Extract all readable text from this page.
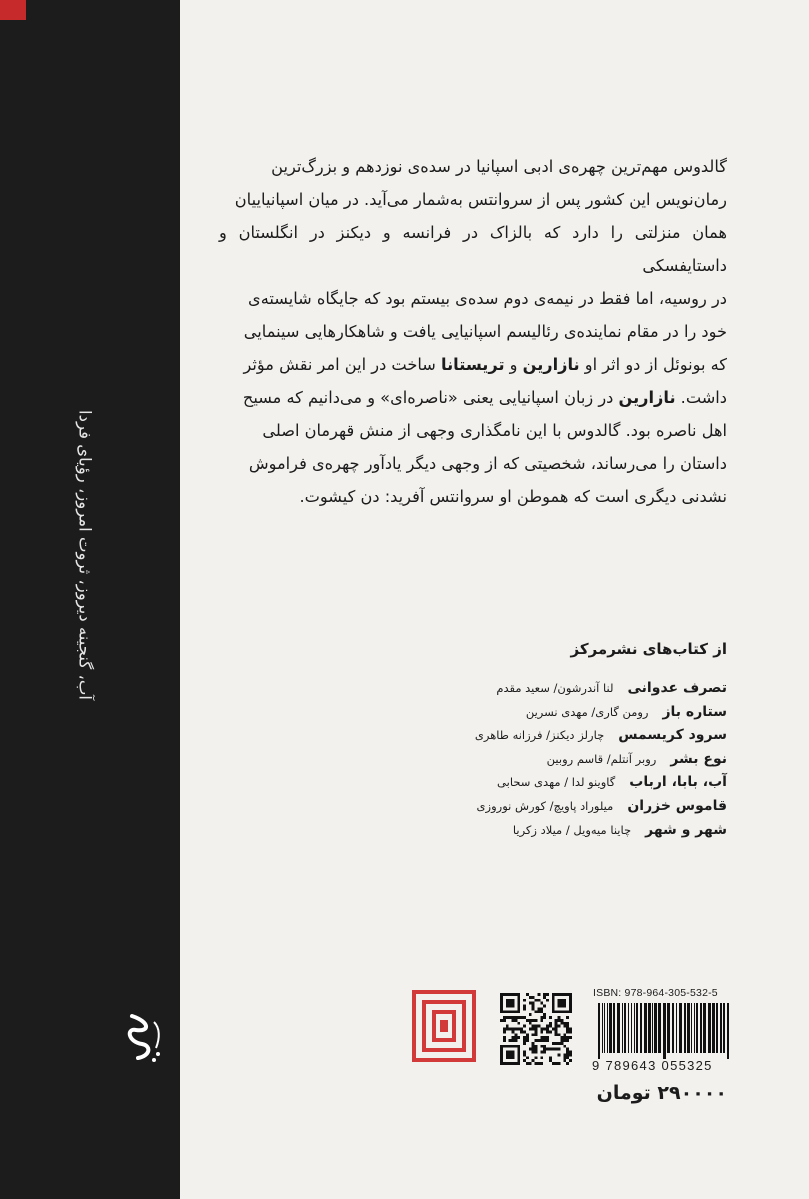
آب، گنجینه دیروز، ثروت امروز، رؤیای فردا
گالدوس مهم‌ترین چهره‌ی ادبی اسپانیا در سده‌ی نوزدهم و بزرگ‌ترین
رمان‌نویس این کشور پس از سروانتس به‌شمار می‌آید. در میان اسپانیاییان
همان منزلتی را دارد که بالزاک در فرانسه و دیکنز در انگلستان و داستایفسکی
در روسیه، اما فقط در نیمه‌ی دوم سده‌ی بیستم بود که جایگاه شایسته‌ی
خود را در مقام نماینده‌ی رئالیسم اسپانیایی یافت و شاهکارهایی سینمایی
که بونوئل از دو اثر او نازارین و تریستانا ساخت در این امر نقش مؤثر
داشت. نازارین در زبان اسپانیایی یعنی «ناصره‌ای» و می‌دانیم که مسیح
اهل ناصره بود. گالدوس با این نامگذاری وجهی از منش قهرمان اصلی
داستان را می‌رساند، شخصیتی که از وجهی دیگر یادآور چهره‌ی فراموش
نشدنی دیگری است که هموطن او سروانتس آفرید: دن کیشوت.
از کتاب‌های نشرمرکز
تصرف عدوانیلنا آندرشون/ سعید مقدم
ستاره بازرومن گاری/ مهدی نسرین
سرود کریسمسچارلز دیکنز/ فرزانه طاهری
نوع بشرروبر آنتلم/ قاسم روبین
آب، بابا، اربابگاوینو لدا / مهدی سحابی
قاموس خزرانمیلوراد پاویچ/ کورش نوروزی
شهر و شهرچاینا میه‌ویل / میلاد زکریا
ISBN: 978-964-305-532-5
9 789643 055325
۲۹۰۰۰۰ تومان
